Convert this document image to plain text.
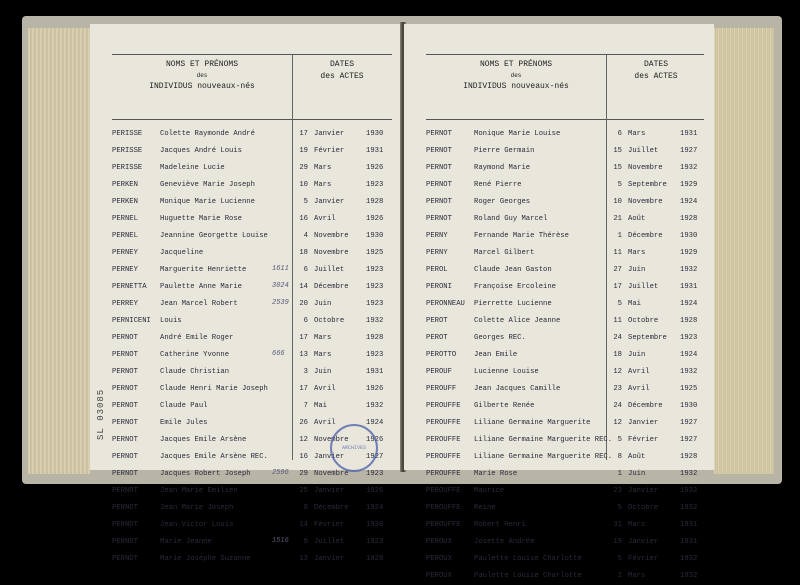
NOMS ET PRÉNOMS
des
INDIVIDUS nouveaux-nés
DATES
des ACTES
PERISSE Colette Raymonde André	17 Janvier	1930
PERISSE Jacques André Louis	19 Février	1931
PERISSE Madeleine Lucie	29 Mars	1926
PERKEN	Geneviève Marie Joseph	10 Mars	1923
PERKEN	Monique Marie Lucienne	5 Janvier	1928
PERNEL	Huguette Marie Rose	16 Avril	1926
PERNEL	Jeannine Georgette Louise	4 Novembre 1930
PERNEY	Jacqueline	18 Novembre 1925
PERNEY	Marguerite Henriette	6 Juillet	1923
1611
PERNETTA Paulette Anne Marie	14 Décembre 1923
3024
PERREY	Jean Marcel Robert	20 Juin	1923
2539
PERNICENI Louis	6 Octobre	1932
PERNOT	André Emile Roger	17 Mars	1928
PERNOT	Catherine Yvonne	13 Mars	1923
666
PERNOT	Claude Christian	3 Juin	1931
PERNOT	Claude Henri Marie Joseph	17 Avril	1926
PERNOT	Claude Paul	7 Mai	1932
PERNOT	Emile Jules	26 Avril	1924
PERNOT	Jacques Emile Arsène	12 Novembre 1926
PERNOT	Jacques Emile Arsène REC.	16 Janvier	1927
PERNOT	Jacques Robert Joseph	29 Novembre 1923
2596
PERNOT	Jean Marie Emilien	25 Janvier	1926
PERNOT	Jean Marie Joseph	8 Décembre 1924
PERNOT	Jean Victor Louis	14 Février	1930
PERNOT	Marie Jeanne	9 Juillet	1923
1516
PERNOT	Marie Joséphe Suzanne	13 Janvier	1928
ARCHIVES
NOMS ET PRÉNOMS
des
INDIVIDUS nouveaux-nés
DATES
des ACTES
PERNOT	Monique Marie Louise	6 Mars	1931
PERNOT	Pierre Germain	15 Juillet	1927
PERNOT	Raymond Marie	15 Novembre 1932
PERNOT	René Pierre	5 Septembre 1929
PERNOT	Roger Georges	10 Novembre 1924
PERNOT	Roland Guy Marcel	21 Août	1928
PERNY	Fernande Marie Thérèse	1 Décembre 1930
PERNY	Marcel Gilbert	11 Mars	1929
PEROL	Claude Jean Gaston	27 Juin	1932
PERONI	Françoise Ercoleine	17 Juillet	1931
PERONNEAU Pierrette Lucienne	5 Mai	1924
PEROT	Colette Alice Jeanne	11 Octobre	1928
PEROT	Georges REC.	24 Septembre 1923
PEROTTO Jean Emile	18 Juin	1924
PEROUF	Lucienne Louise	12 Avril	1932
PEROUFF Jean Jacques Camille	23 Avril	1925
PEROUFFE Gilberte Renée	24 Décembre 1930
PEROUFFE Liliane Germaine Marguerite	12 Janvier	1927
PEROUFFE Liliane Germaine Marguerite REC. 5 Février	1927
PEROUFFE Liliane Germaine Marguerite REC. 8 Août	1928
PEROUFFE Marie Rose	1 Juin	1932
PEROUFFE Maurice	23 Janvier	1932
PEROUFFE Reine	5 Octobre	1932
PEROUFFE Robert Henri	31 Mars	1931
PEROUX	Josette Andrée	19 Janvier	1931
PEROUX	Paulette Louise Charlotte	5 Février	1932
PEROUX	Paulette Louise Charlotte	2 Mars	1932
SL 03085
